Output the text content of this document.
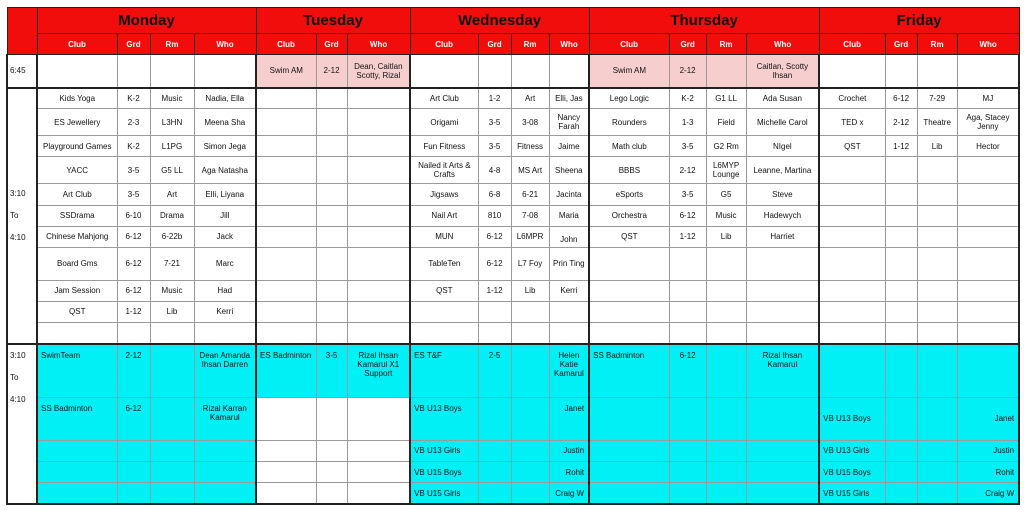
	Monday				Tuesday			Wednesday				Thursday				Friday			
	Club	Grd	Rm	Who	Club	Grd	Who	Club	Grd	Rm	Who	Club	Grd	Rm	Who	Club	Grd	Rm	Who
6:45					Swim AM	2-12	Dean, Caitlan Scotty, Rizal					Swim AM	2-12		Caitlan, Scotty Ihsan				

3:10
To
4:10	Kids Yoga	K-2	Music	Nadia, Ella				Art Club	1-2	Art	Elli, Jas	Lego Logic	K-2	G1 LL	Ada Susan	Crochet	6-12	7-29	MJ
	ES Jewellery	2-3	L3HN	Meena Sha				Origami	3-5	3-08	Nancy Farah	Rounders	1-3	Field	Michelle Carol	TED x	2-12	Theatre	Aga, Stacey Jenny
	Playground Games	K-2	L1PG	Simon Jega				Fun Fitness	3-5	Fitness	Jaime	Math club	3-5	G2 Rm	NIgel	QST	1-12	Lib	Hector
	YACC	3-5	G5 LL	Aga Natasha				Nailed it Arts & Crafts	4-8	MS Art	Sheena	BBBS	2-12	L6MYP Lounge	Leanne, Martina				
	Art Club	3-5	Art	Elli, Liyana				Jigsaws	6-8	6-21	Jacinta	eSports	3-5	G5	Steve				
	SSDrama	6-10	Drama	Jill				Nail Art	810	7-08	Maria	Orchestra	6-12	Music	Hadewych				
	Chinese Mahjong	6-12	6-22b	Jack				MUN	6-12	L6MPR	John	QST	1-12	Lib	Harriet				
	Board Gms	6-12	7-21	Marc				TableTen	6-12	L7 Foy	Prin Ting								
	Jam Session	6-12	Music	Had				QST	1-12	Lib	Kerri								
	QST	1-12	Lib	Kerri															

3:10
To
4:10	SwimTeam	2-12		Dean Amanda Ihsan Darren	ES Badminton	3-5	Rizal Ihsan Kamarul X1 Support	ES T&F	2-5		Helen Katie Kamarul	SS Badminton	6-12		Rizal Ihsan Kamarul				
	SS Badminton	6-12		Rizal Karran Kamarul				VB U13 Boys			Janet					VB U13 Boys			Janet
								VB U13 Girls			Justin					VB U13 Girls			Justin
								VB U15 Boys			Rohit					VB U15 Boys			Rohit
								VB U15 Girls			Craig W					VB U15 Girls			Craig W
